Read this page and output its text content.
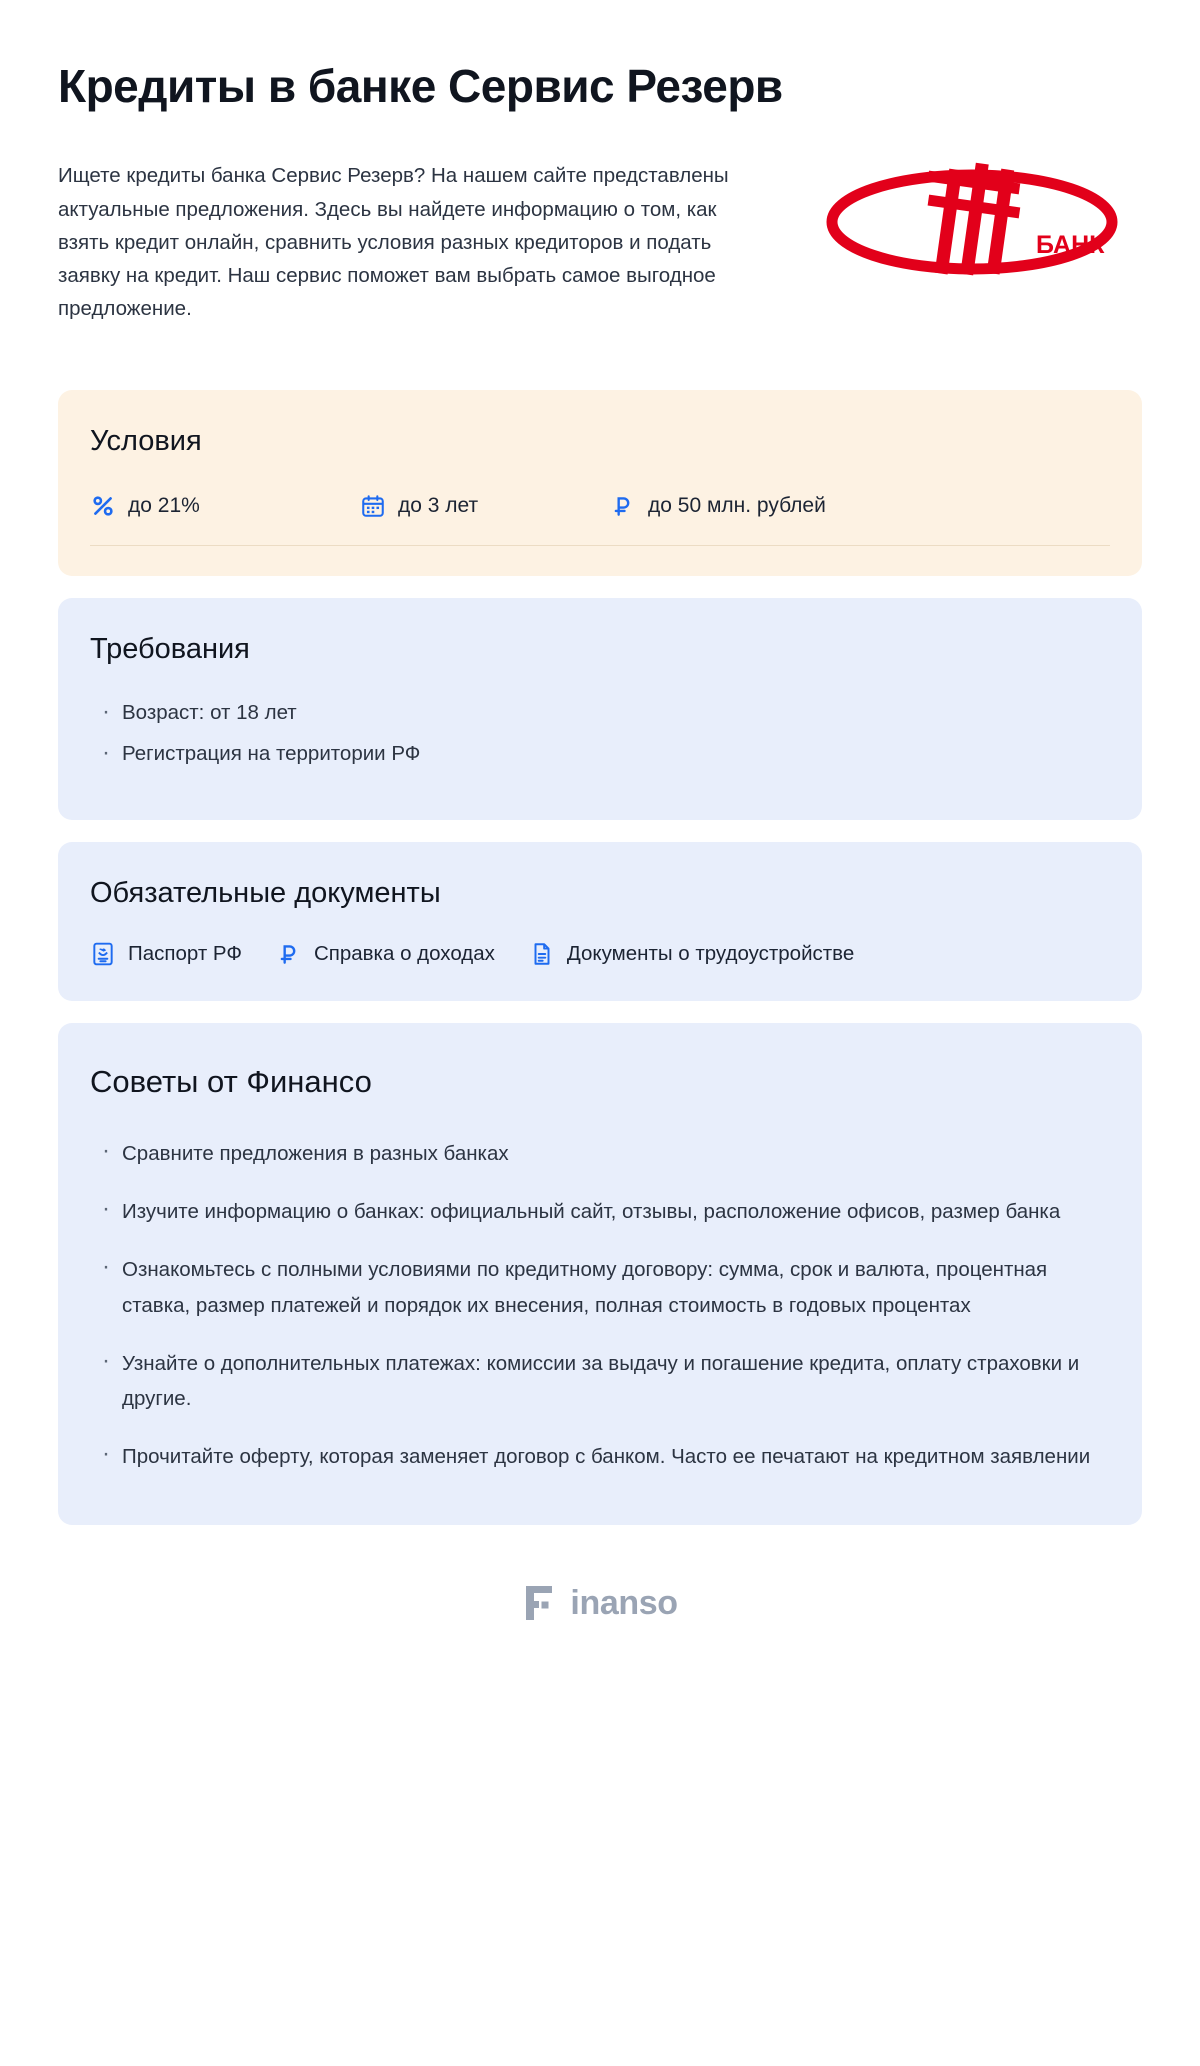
Кредиты в банке Сервис Резерв

Ищете кредиты банка Сервис Резерв? На нашем сайте представлены актуальные предложения. Здесь вы найдете информацию о том, как взять кредит онлайн, сравнить условия разных кредиторов и подать заявку на кредит. Наш сервис поможет вам выбрать самое выгодное предложение.

БАНК
Условия
до 21%	до 3 лет	до 50 млн. рублей
Требования
· Возраст: от 18 лет
· Регистрация на территории РФ
Обязательные документы
Паспорт РФ	Справка о доходах	Документы о трудоустройстве
Советы от Финансо
· Сравните предложения в разных банках
· Изучите информацию о банках: официальный сайт, отзывы, расположение офисов, размер банка
· Ознакомьтесь с полными условиями по кредитному договору: сумма, срок и валюта, процентная ставка, размер платежей и порядок их внесения, полная стоимость в годовых процентах
· Узнайте о дополнительных платежах: комиссии за выдачу и погашение кредита, оплату страховки и другие.
· Прочитайте оферту, которая заменяет договор с банком. Часто ее печатают на кредитном заявлении
inanso
